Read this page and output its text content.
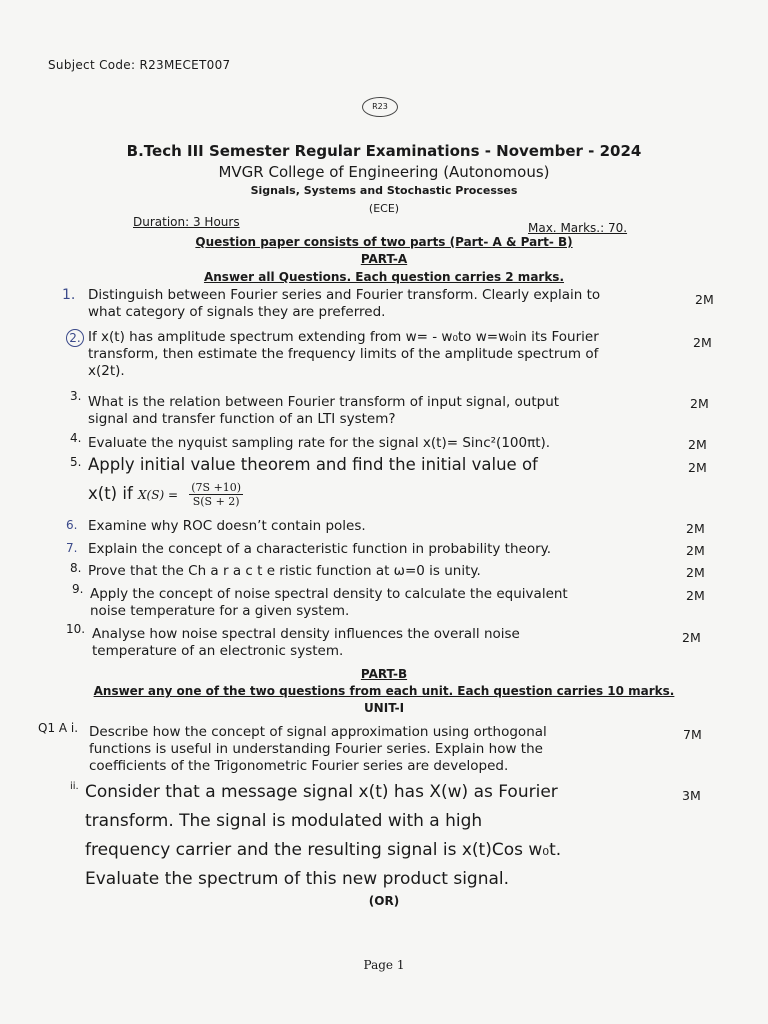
Subject Code: R23MECET007
R23
B.Tech III Semester Regular Examinations - November - 2024
MVGR College of Engineering (Autonomous)
Signals, Systems and Stochastic Processes
(ECE)
Duration: 3 Hours	Max. Marks.: 70.
Question paper consists of two parts (Part- A & Part- B)
PART-A
Answer all Questions. Each question carries 2 marks.
1. Distinguish between Fourier series and Fourier transform. Clearly explain to
what category of signals they are preferred.
2M
2. If x(t) has amplitude spectrum extending from w= - w₀to w=w₀in its Fourier
transform, then estimate the frequency limits of the amplitude spectrum of
x(2t).
2M
3. What is the relation between Fourier transform of input signal, output
signal and transfer function of an LTI system?
2M
4. Evaluate the nyquist sampling rate for the signal x(t)= Sinc²(100πt).	2M
5. Apply initial value theorem and find the initial value of	2M
x(t) if $X(S) = \frac{(7S +10)}{S(S + 2)}$
6. Examine why ROC doesn’t contain poles.	2M
7. Explain the concept of a characteristic function in probability theory.	2M
8. Prove that the Ch a r a c t e ristic function at ω=0 is unity.	2M
9. Apply the concept of noise spectral density to calculate the equivalent
noise temperature for a given system.
2M
10. Analyse how noise spectral density influences the overall noise
temperature of an electronic system.
2M
PART-B
Answer any one of the two questions from each unit. Each question carries 10 marks.
UNIT-I
Q1 A i. Describe how the concept of signal approximation using orthogonal
functions is useful in understanding Fourier series. Explain how the
coefficients of the Trigonometric Fourier series are developed.
7M
ii. Consider that a message signal x(t) has X(w) as Fourier
transform. The signal is modulated with a high
frequency carrier and the resulting signal is x(t)Cos w₀t.
Evaluate the spectrum of this new product signal.
3M
(OR)
Page 1
